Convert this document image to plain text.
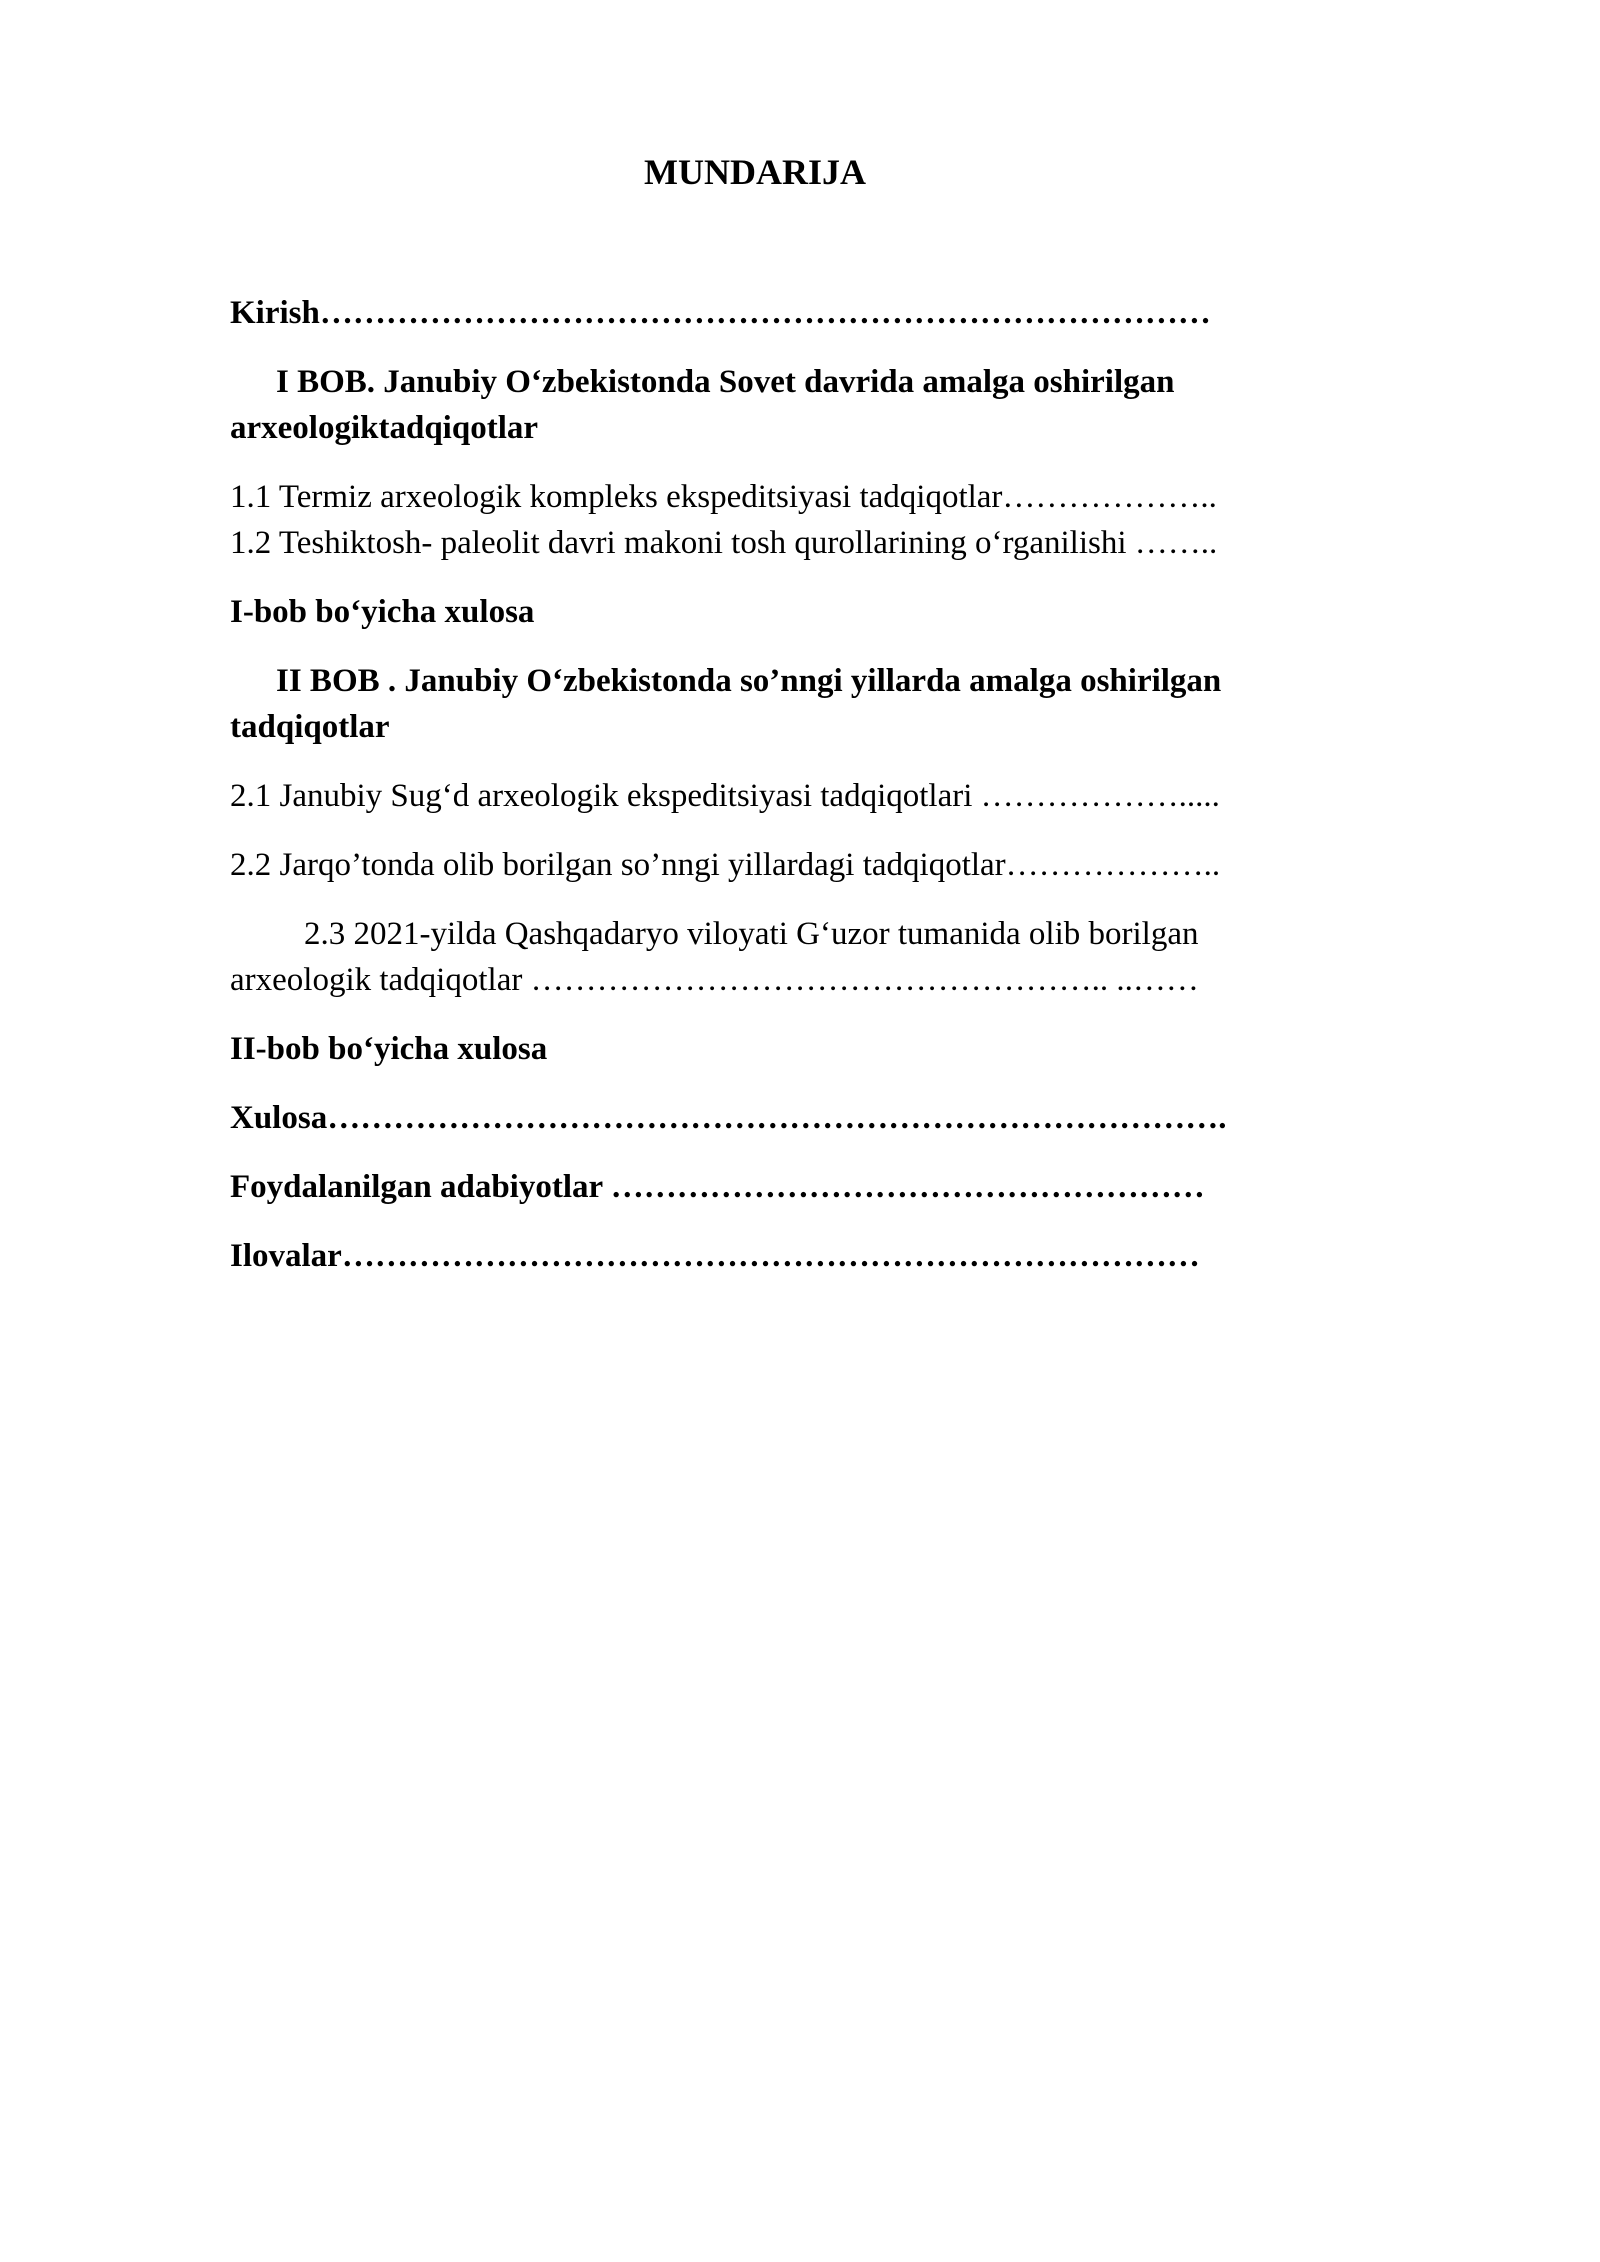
MUNDARIJA
Kirish………………………………………………………………………
I BOB. Janubiy O‘zbekistonda Sovet davrida amalga oshirilgan
arxeologiktadqiqotlar
1.1 Termiz arxeologik kompleks ekspeditsiyasi tadqiqotlar………………..
1.2 Teshiktosh- paleolit davri makoni tosh qurollarining o‘rganilishi ……..
I-bob bo‘yicha xulosa
II BOB . Janubiy O‘zbekistonda so’nngi yillarda amalga oshirilgan
tadqiqotlar
2.1 Janubiy Sug‘d arxeologik ekspeditsiyasi tadqiqotlari ……………….....
2.2 Jarqo’tonda olib borilgan so’nngi yillardagi tadqiqotlar………………..
2.3 2021-yilda Qashqadaryo viloyati G‘uzor tumanida olib borilgan
arxeologik tadqiqotlar …………………………………………….. ..……
II-bob bo‘yicha xulosa
Xulosa……………………………………………………………………….
Foydalanilgan adabiyotlar ………………………………………………
Ilovalar……………………………………………………………………
